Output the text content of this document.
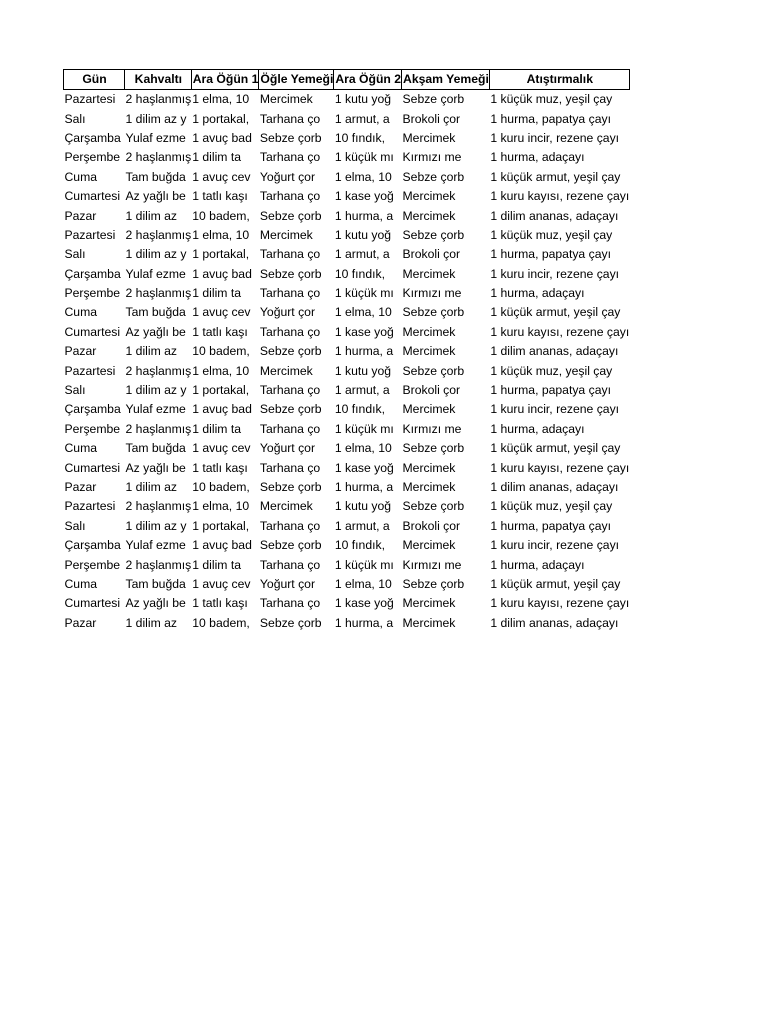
Gün	Kahvaltı	Ara Öğün 1	Öğle Yemeği	Ara Öğün 2	Akşam Yemeği	Atıştırmalık
Pazartesi	2 haşlanmış	1 elma, 10	Mercimek	1 kutu yoğ	Sebze çorb	1 küçük muz, yeşil çay
Salı	1 dilim az y	1 portakal,	Tarhana ço	1 armut, a	Brokoli çor	1 hurma, papatya çayı
Çarşamba	Yulaf ezme	1 avuç bad	Sebze çorb	10 fındık,	Mercimek	1 kuru incir, rezene çayı
Perşembe	2 haşlanmış	1 dilim ta	Tarhana ço	1 küçük mı	Kırmızı me	1 hurma, adaçayı
Cuma	Tam buğda	1 avuç cev	Yoğurt çor	1 elma, 10	Sebze çorb	1 küçük armut, yeşil çay
Cumartesi	Az yağlı be	1 tatlı kaşı	Tarhana ço	1 kase yoğ	Mercimek	1 kuru kayısı, rezene çayı
Pazar	1 dilim az	10 badem,	Sebze çorb	1 hurma, a	Mercimek	1 dilim ananas, adaçayı
Pazartesi	2 haşlanmış	1 elma, 10	Mercimek	1 kutu yoğ	Sebze çorb	1 küçük muz, yeşil çay
Salı	1 dilim az y	1 portakal,	Tarhana ço	1 armut, a	Brokoli çor	1 hurma, papatya çayı
Çarşamba	Yulaf ezme	1 avuç bad	Sebze çorb	10 fındık,	Mercimek	1 kuru incir, rezene çayı
Perşembe	2 haşlanmış	1 dilim ta	Tarhana ço	1 küçük mı	Kırmızı me	1 hurma, adaçayı
Cuma	Tam buğda	1 avuç cev	Yoğurt çor	1 elma, 10	Sebze çorb	1 küçük armut, yeşil çay
Cumartesi	Az yağlı be	1 tatlı kaşı	Tarhana ço	1 kase yoğ	Mercimek	1 kuru kayısı, rezene çayı
Pazar	1 dilim az	10 badem,	Sebze çorb	1 hurma, a	Mercimek	1 dilim ananas, adaçayı
Pazartesi	2 haşlanmış	1 elma, 10	Mercimek	1 kutu yoğ	Sebze çorb	1 küçük muz, yeşil çay
Salı	1 dilim az y	1 portakal,	Tarhana ço	1 armut, a	Brokoli çor	1 hurma, papatya çayı
Çarşamba	Yulaf ezme	1 avuç bad	Sebze çorb	10 fındık,	Mercimek	1 kuru incir, rezene çayı
Perşembe	2 haşlanmış	1 dilim ta	Tarhana ço	1 küçük mı	Kırmızı me	1 hurma, adaçayı
Cuma	Tam buğda	1 avuç cev	Yoğurt çor	1 elma, 10	Sebze çorb	1 küçük armut, yeşil çay
Cumartesi	Az yağlı be	1 tatlı kaşı	Tarhana ço	1 kase yoğ	Mercimek	1 kuru kayısı, rezene çayı
Pazar	1 dilim az	10 badem,	Sebze çorb	1 hurma, a	Mercimek	1 dilim ananas, adaçayı
Pazartesi	2 haşlanmış	1 elma, 10	Mercimek	1 kutu yoğ	Sebze çorb	1 küçük muz, yeşil çay
Salı	1 dilim az y	1 portakal,	Tarhana ço	1 armut, a	Brokoli çor	1 hurma, papatya çayı
Çarşamba	Yulaf ezme	1 avuç bad	Sebze çorb	10 fındık,	Mercimek	1 kuru incir, rezene çayı
Perşembe	2 haşlanmış	1 dilim ta	Tarhana ço	1 küçük mı	Kırmızı me	1 hurma, adaçayı
Cuma	Tam buğda	1 avuç cev	Yoğurt çor	1 elma, 10	Sebze çorb	1 küçük armut, yeşil çay
Cumartesi	Az yağlı be	1 tatlı kaşı	Tarhana ço	1 kase yoğ	Mercimek	1 kuru kayısı, rezene çayı
Pazar	1 dilim az	10 badem,	Sebze çorb	1 hurma, a	Mercimek	1 dilim ananas, adaçayı
